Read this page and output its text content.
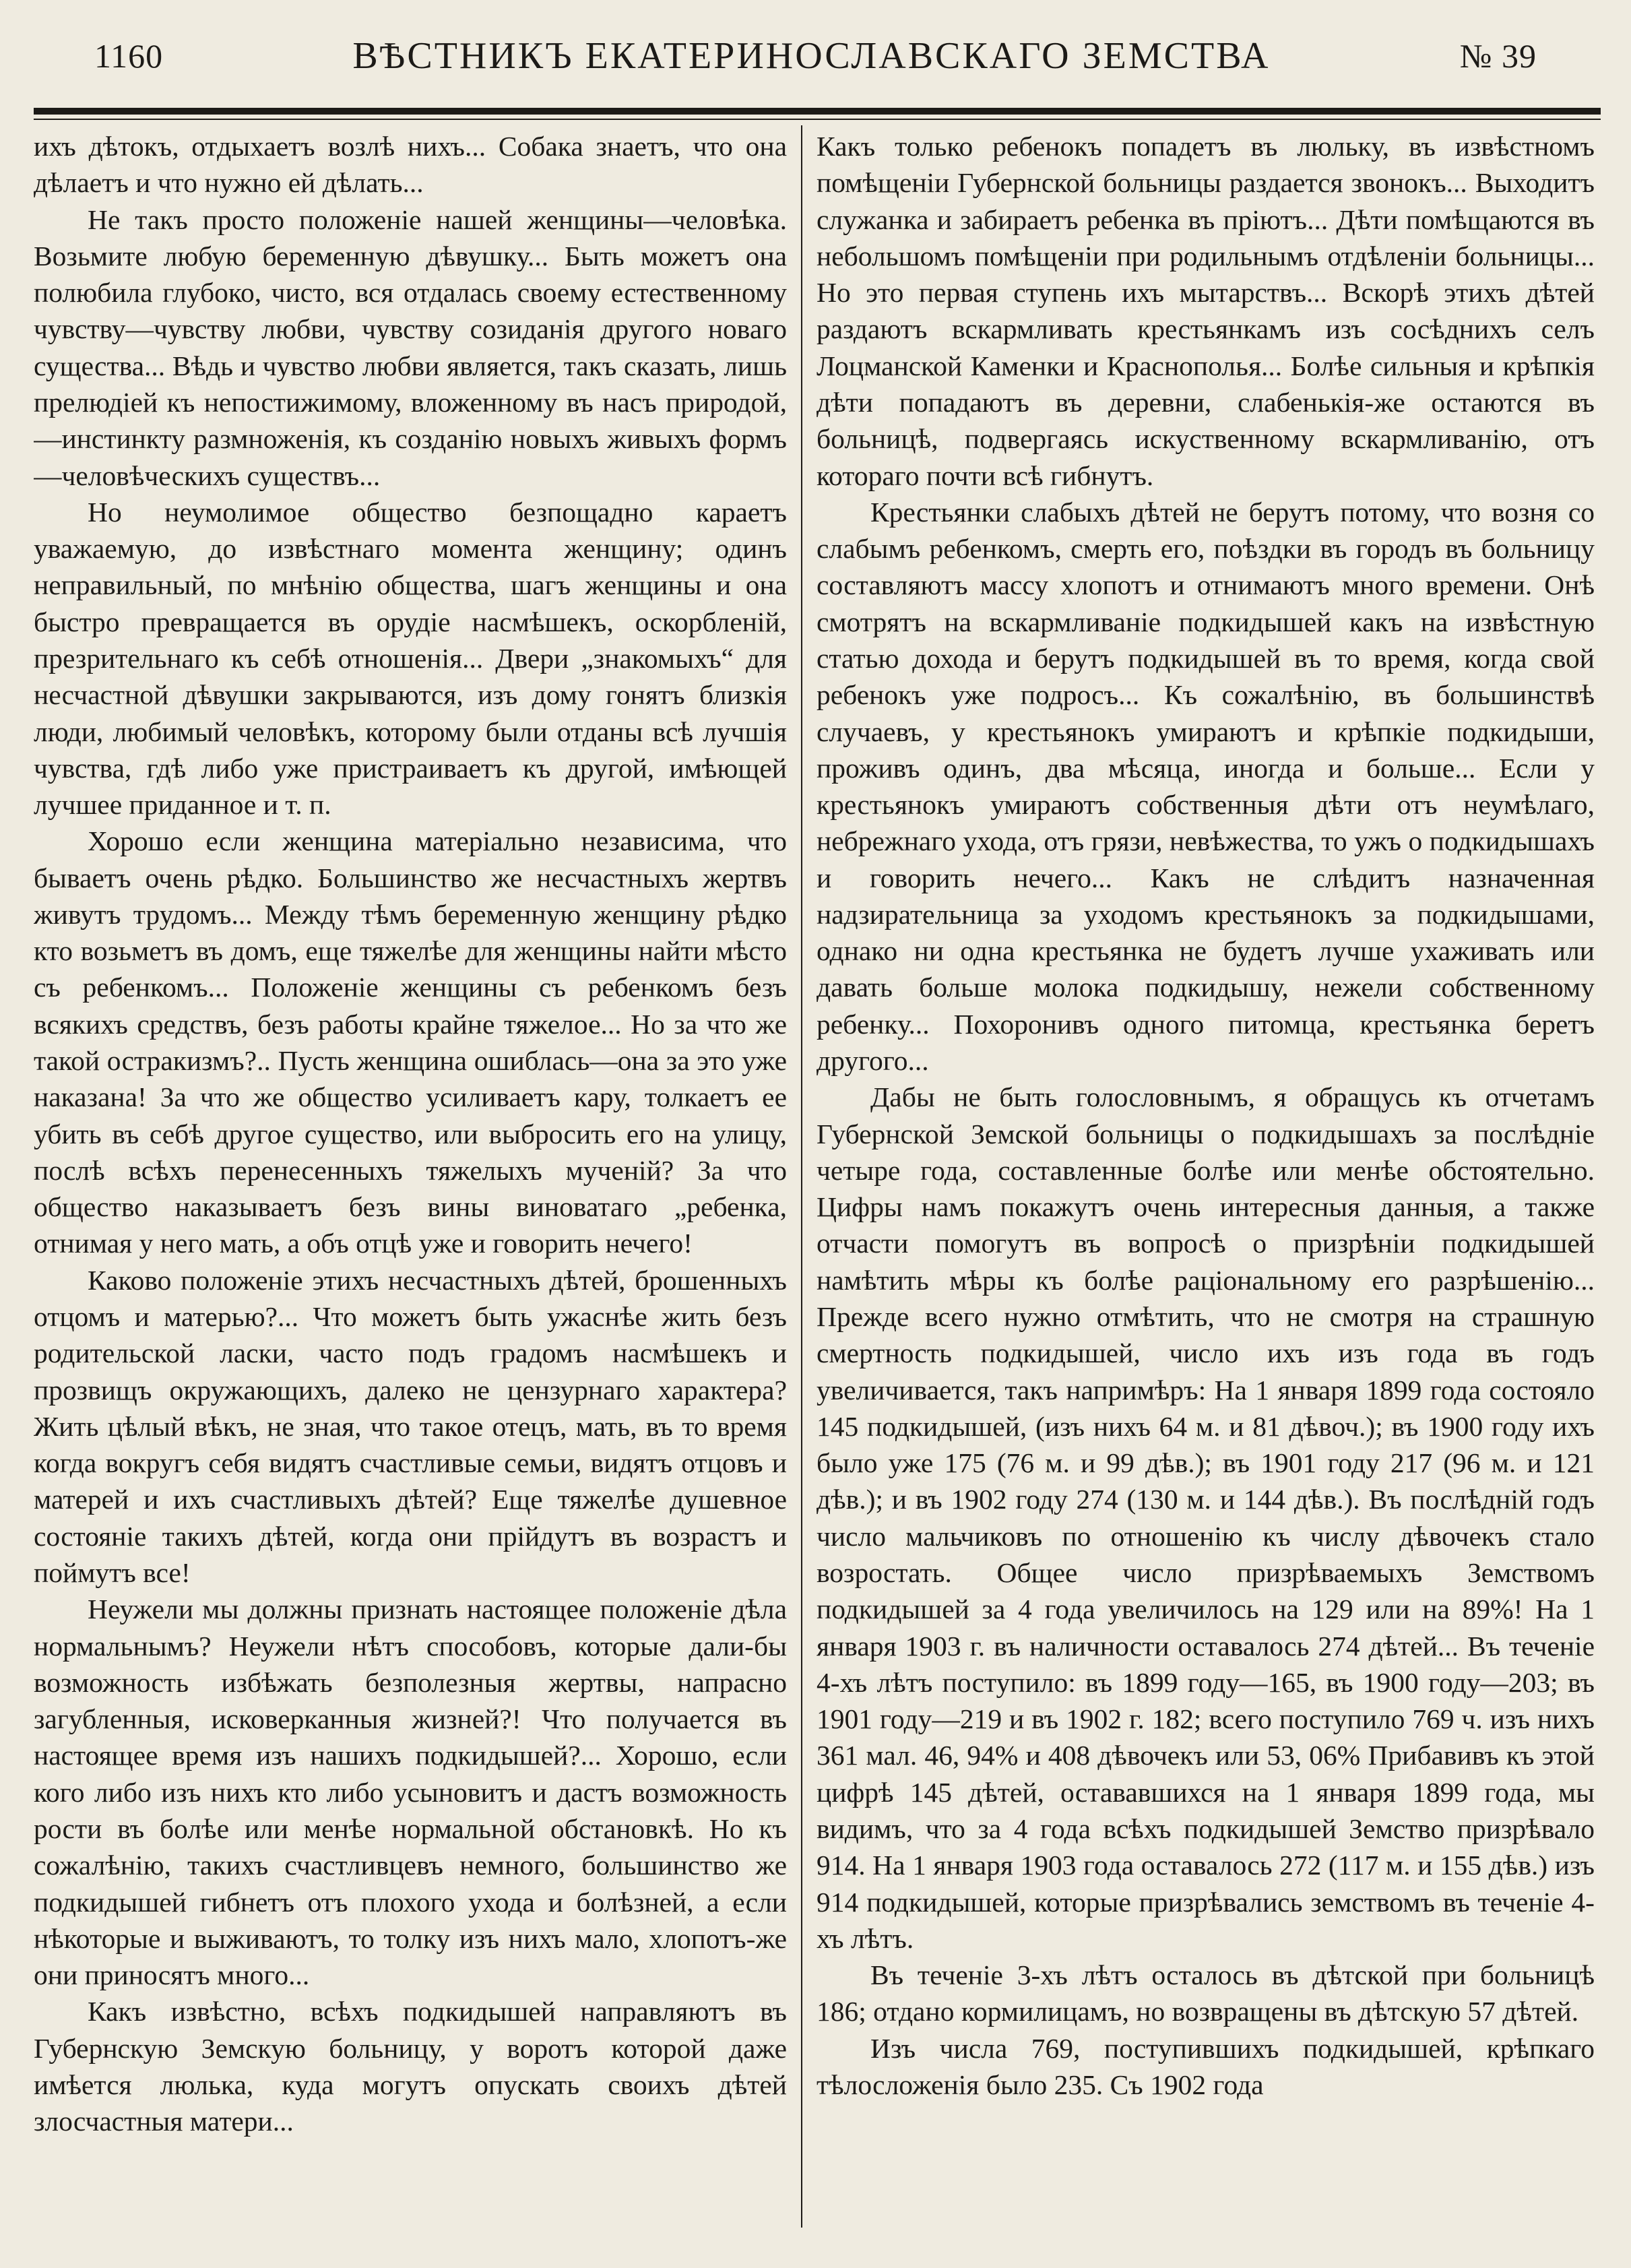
1160	ВѢСТНИКЪ ЕКАТЕРИНОСЛАВСКАГО ЗЕМСТВА	№ 39

ихъ дѣтокъ, отдыхаетъ возлѣ нихъ... Собака знаетъ, что она дѣлаетъ и что нужно ей дѣлать...

Не такъ просто положеніе нашей женщины—человѣка. Возьмите любую беременную дѣвушку... Быть можетъ она полюбила глубоко, чисто, вся отдалась своему естественному чувству—чувству любви, чувству созиданія другого новаго существа... Вѣдь и чувство любви является, такъ сказать, лишь прелюдіей къ непостижимому, вложенному въ насъ природой,—инстинкту размноженія, къ созданію новыхъ живыхъ формъ—человѣческихъ существъ...

Но неумолимое общество безпощадно караетъ уважаемую, до извѣстнаго момента женщину; одинъ неправильный, по мнѣнію общества, шагъ женщины и она быстро превращается въ орудіе насмѣшекъ, оскорбленій, презрительнаго къ себѣ отношенія... Двери „знакомыхъ“ для несчастной дѣвушки закрываются, изъ дому гонятъ близкія люди, любимый человѣкъ, которому были отданы всѣ лучшія чувства, гдѣ либо уже пристраиваетъ къ другой, имѣющей лучшее приданное и т. п.

Хорошо если женщина матеріально независима, что бываетъ очень рѣдко. Большинство же несчастныхъ жертвъ живутъ трудомъ... Между тѣмъ беременную женщину рѣдко кто возьметъ въ домъ, еще тяжелѣе для женщины найти мѣсто съ ребенкомъ... Положеніе женщины съ ребенкомъ безъ всякихъ средствъ, безъ работы крайне тяжелое... Но за что же такой остракизмъ?.. Пусть женщина ошиблась—она за это уже наказана! За что же общество усиливаетъ кару, толкаетъ ее убить въ себѣ другое существо, или выбросить его на улицу, послѣ всѣхъ перенесенныхъ тяжелыхъ мученій? За что общество наказываетъ безъ вины виноватаго „ребенка, отнимая у него мать, а объ отцѣ уже и говорить нечего!

Каково положеніе этихъ несчастныхъ дѣтей, брошенныхъ отцомъ и матерью?... Что можетъ быть ужаснѣе жить безъ родительской ласки, часто подъ градомъ насмѣшекъ и прозвищъ окружающихъ, далеко не цензурнаго характера? Жить цѣлый вѣкъ, не зная, что такое отецъ, мать, въ то время когда вокругъ себя видятъ счастливые семьи, видятъ отцовъ и матерей и ихъ счастливыхъ дѣтей? Еще тяжелѣе душевное состояніе такихъ дѣтей, когда они прійдутъ въ возрастъ и поймутъ все!

Неужели мы должны признать настоящее положеніе дѣла нормальнымъ? Неужели нѣтъ способовъ, которые дали-бы возможность избѣжать безполезныя жертвы, напрасно загубленныя, исковерканныя жизней?! Что получается въ настоящее время изъ нашихъ подкидышей?... Хорошо, если кого либо изъ нихъ кто либо усыновитъ и дастъ возможность рости въ болѣе или менѣе нормальной обстановкѣ. Но къ сожалѣнію, такихъ счастливцевъ немного, большинство же подкидышей гибнетъ отъ плохого ухода и болѣзней, а если нѣкоторые и выживаютъ, то толку изъ нихъ мало, хлопотъ-же они приносятъ много...

Какъ извѣстно, всѣхъ подкидышей направляютъ въ Губернскую Земскую больницу, у воротъ которой даже имѣется люлька, куда могутъ опускать своихъ дѣтей злосчастныя матери...

Какъ только ребенокъ попадетъ въ люльку, въ извѣстномъ помѣщеніи Губернской больницы раздается звонокъ... Выходитъ служанка и забираетъ ребенка въ пріютъ... Дѣти помѣщаются въ небольшомъ помѣщеніи при родильнымъ отдѣленіи больницы... Но это первая ступень ихъ мытарствъ... Вскорѣ этихъ дѣтей раздаютъ вскармливать крестьянкамъ изъ сосѣднихъ селъ Лоцманской Каменки и Краснополья... Болѣе сильныя и крѣпкія дѣти попадаютъ въ деревни, слабенькія-же остаются въ больницѣ, подвергаясь искуственному вскармливанію, отъ котораго почти всѣ гибнутъ.

Крестьянки слабыхъ дѣтей не берутъ потому, что возня со слабымъ ребенкомъ, смерть его, поѣздки въ городъ въ больницу составляютъ массу хлопотъ и отнимаютъ много времени. Онѣ смотрятъ на вскармливаніе подкидышей какъ на извѣстную статью дохода и берутъ подкидышей въ то время, когда свой ребенокъ уже подросъ... Къ сожалѣнію, въ большинствѣ случаевъ, у крестьянокъ умираютъ и крѣпкіе подкидыши, проживъ одинъ, два мѣсяца, иногда и больше... Если у крестьянокъ умираютъ собственныя дѣти отъ неумѣлаго, небрежнаго ухода, отъ грязи, невѣжества, то ужъ о подкидышахъ и говорить нечего... Какъ не слѣдитъ назначенная надзирательница за уходомъ крестьянокъ за подкидышами, однако ни одна крестьянка не будетъ лучше ухаживать или давать больше молока подкидышу, нежели собственному ребенку... Похоронивъ одного питомца, крестьянка беретъ другого...

Дабы не быть голословнымъ, я обращусь къ отчетамъ Губернской Земской больницы о подкидышахъ за послѣдніе четыре года, составленные болѣе или менѣе обстоятельно. Цифры намъ покажутъ очень интересныя данныя, а также отчасти помогутъ въ вопросѣ о призрѣніи подкидышей намѣтить мѣры къ болѣе раціональному его разрѣшенію... Прежде всего нужно отмѣтить, что не смотря на страшную смертность подкидышей, число ихъ изъ года въ годъ увеличивается, такъ напримѣръ: На 1 января 1899 года состояло 145 подкидышей, (изъ нихъ 64 м. и 81 дѣвоч.); въ 1900 году ихъ было уже 175 (76 м. и 99 дѣв.); въ 1901 году 217 (96 м. и 121 дѣв.); и въ 1902 году 274 (130 м. и 144 дѣв.). Въ послѣдній годъ число мальчиковъ по отношенію къ числу дѣвочекъ стало возростать. Общее число призрѣваемыхъ Земствомъ подкидышей за 4 года увеличилось на 129 или на 89%! На 1 января 1903 г. въ наличности оставалось 274 дѣтей... Въ теченіе 4-хъ лѣтъ поступило: въ 1899 году—165, въ 1900 году—203; въ 1901 году—219 и въ 1902 г. 182; всего поступило 769 ч. изъ нихъ 361 мал. 46, 94% и 408 дѣвочекъ или 53, 06% Прибавивъ къ этой цифрѣ 145 дѣтей, остававшихся на 1 января 1899 года, мы видимъ, что за 4 года всѣхъ подкидышей Земство призрѣвало 914. На 1 января 1903 года оставалось 272 (117 м. и 155 дѣв.) изъ 914 подкидышей, которые призрѣвались земствомъ въ теченіе 4-хъ лѣтъ.

Въ теченіе 3-хъ лѣтъ осталось въ дѣтской при больницѣ 186; отдано кормилицамъ, но возвращены въ дѣтскую 57 дѣтей.

Изъ числа 769, поступившихъ подкидышей, крѣпкаго тѣлосложенія было 235. Съ 1902 года
